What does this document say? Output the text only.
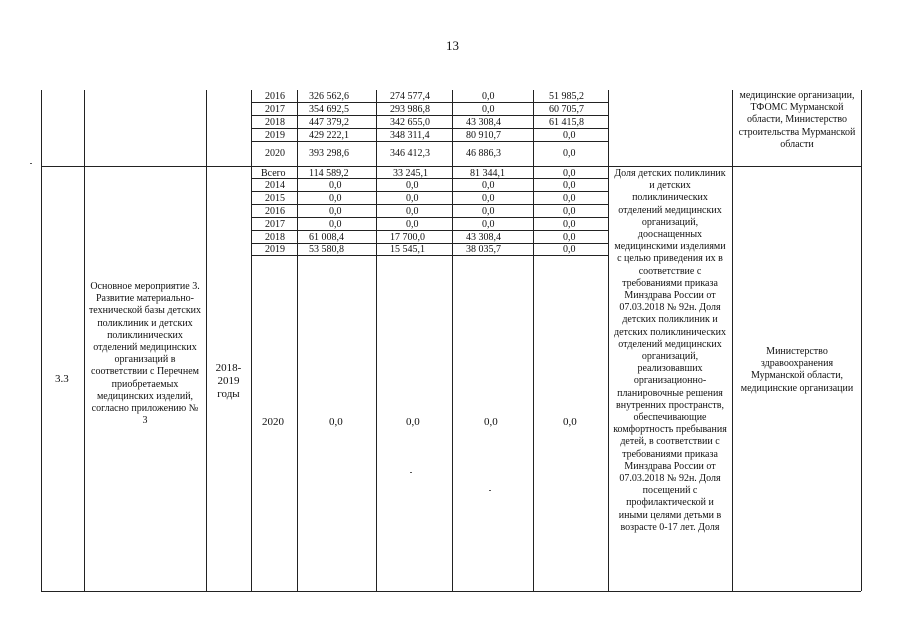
13
2016 326 562,6	274 577,4	0,0	51 985,2
2017 354 692,5	293 986,8	0,0	60 705,7
2018 447 379,2	342 655,0	43 308,4	61 415,8
2019 429 222,1	348 311,4	80 910,7	0,0
2020 393 298,6	346 412,3	46 886,3	0,0
медицинские организации, ТФОМС Мурманской области, Министерство строительства Мурманской области
3.3
Основное мероприятие 3. Развитие материально-технической базы детских поликлиник и детских поликлинических отделений медицинских организаций в соответствии с Перечнем приобретаемых медицинских изделий, согласно приложению № 3
2018-2019 годы
Всего 114 589,2	33 245,1	81 344,1	0,0
2014	0,0	0,0	0,0	0,0
2015	0,0	0,0	0,0	0,0
2016	0,0	0,0	0,0	0,0
2017	0,0	0,0	0,0	0,0
2018 61 008,4	17 700,0	43 308,4	0,0
2019 53 580,8	15 545,1	38 035,7	0,0
2020	0,0	0,0	0,0	0,0
Доля детских поликлиник и детских поликлинических отделений медицинских организаций, дооснащенных медицинскими изделиями с целью приведения их в соответствие с требованиями приказа Минздрава России от 07.03.2018 № 92н. Доля детских поликлиник и детских поликлинических отделений медицинских организаций, реализовавших организационно-планировочные решения внутренних пространств, обеспечивающие комфортность пребывания детей, в соответствии с требованиями приказа Минздрава России от 07.03.2018 № 92н. Доля посещений с профилактической и иными целями детьми в возрасте 0-17 лет. Доля
Министерство здравоохранения Мурманской области, медицинские организации
